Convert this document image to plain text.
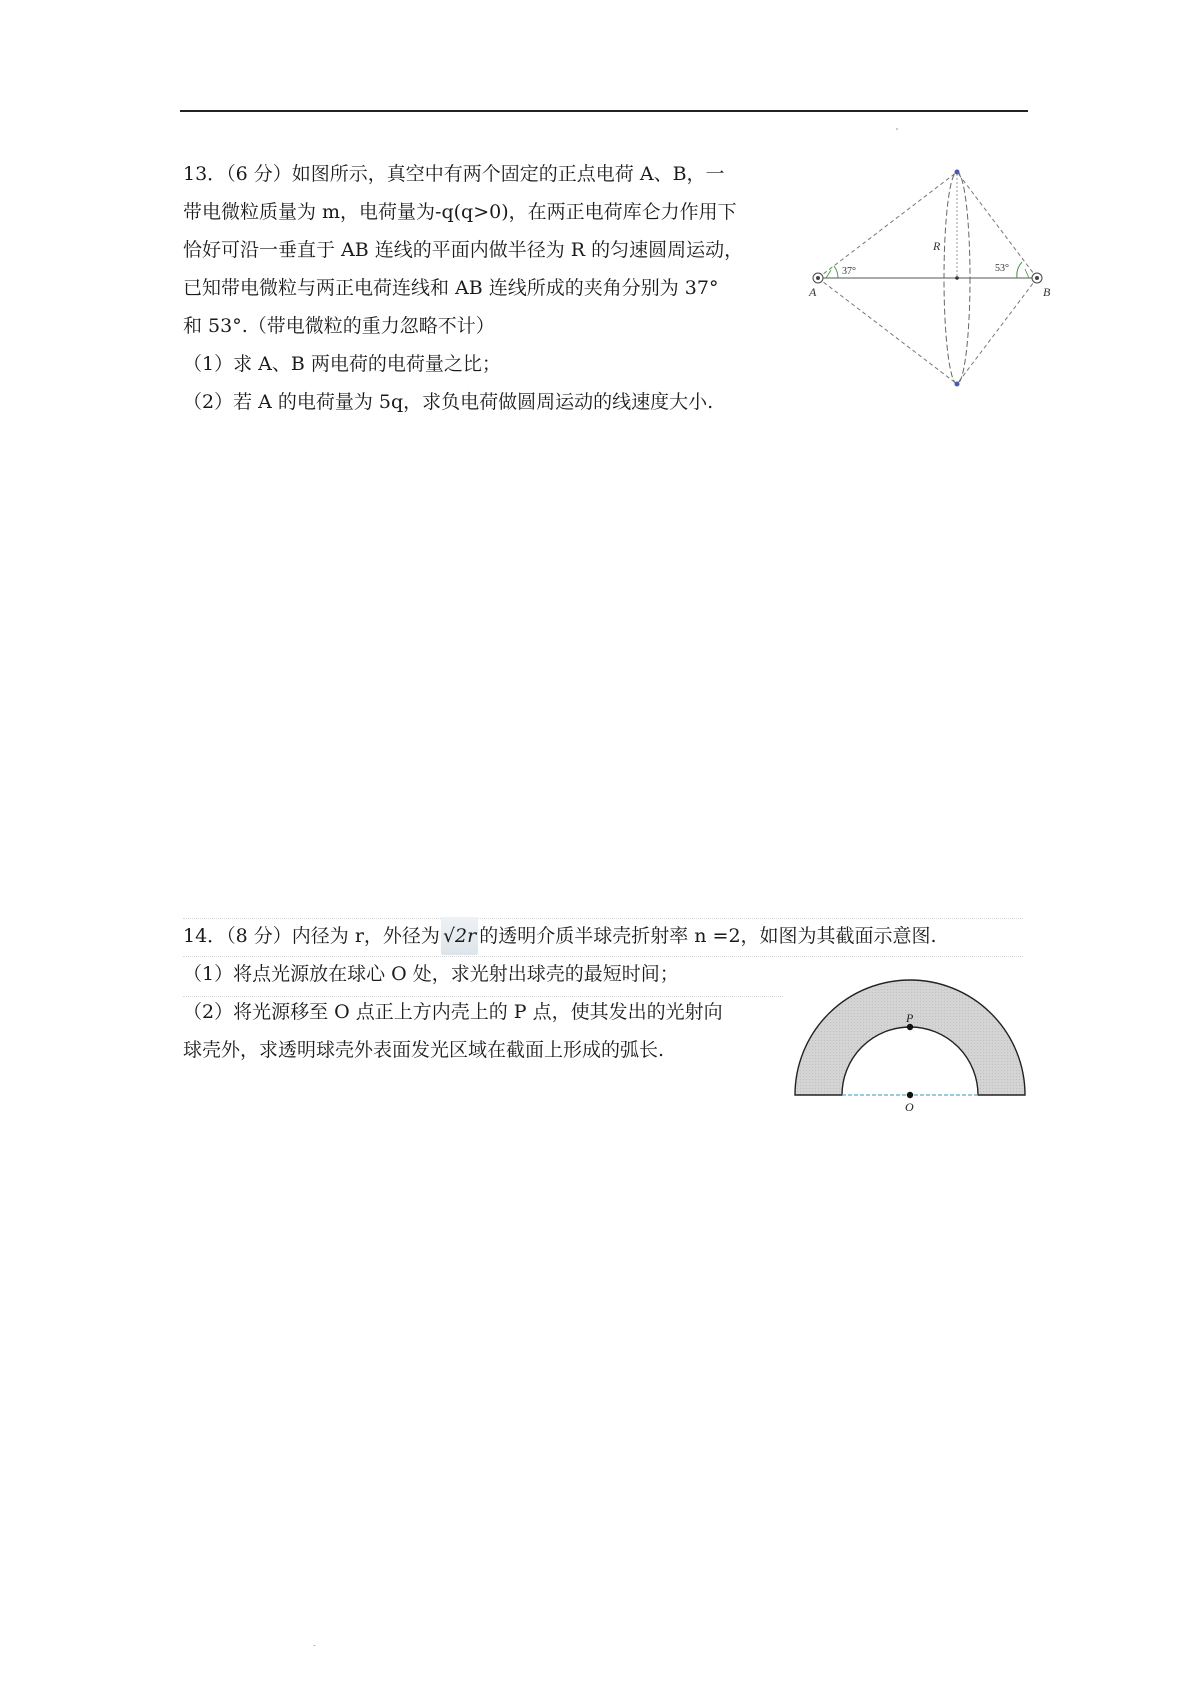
13．（6 分）如图所示，真空中有两个固定的正点电荷 A、B，一

带电微粒质量为 m，电荷量为-q(q>0)，在两正电荷库仑力作用下

恰好可沿一垂直于 AB 连线的平面内做半径为 R 的匀速圆周运动，

已知带电微粒与两正电荷连线和 AB 连线所成的夹角分别为 37°

和 53°.（带电微粒的重力忽略不计）

（1）求 A、B 两电荷的电荷量之比；

（2）若 A 的电荷量为 5q，求负电荷做圆周运动的线速度大小.

37°	53°
A	B
R

14．（8 分）内径为 r，外径为 √2r 的透明介质半球壳折射率 n =2，如图为其截面示意图.

（1）将点光源放在球心 O 处，求光射出球壳的最短时间；

（2）将光源移至 O 点正上方内壳上的 P 点，使其发出的光射向

球壳外，求透明球壳外表面发光区域在截面上形成的弧长.

P
O
